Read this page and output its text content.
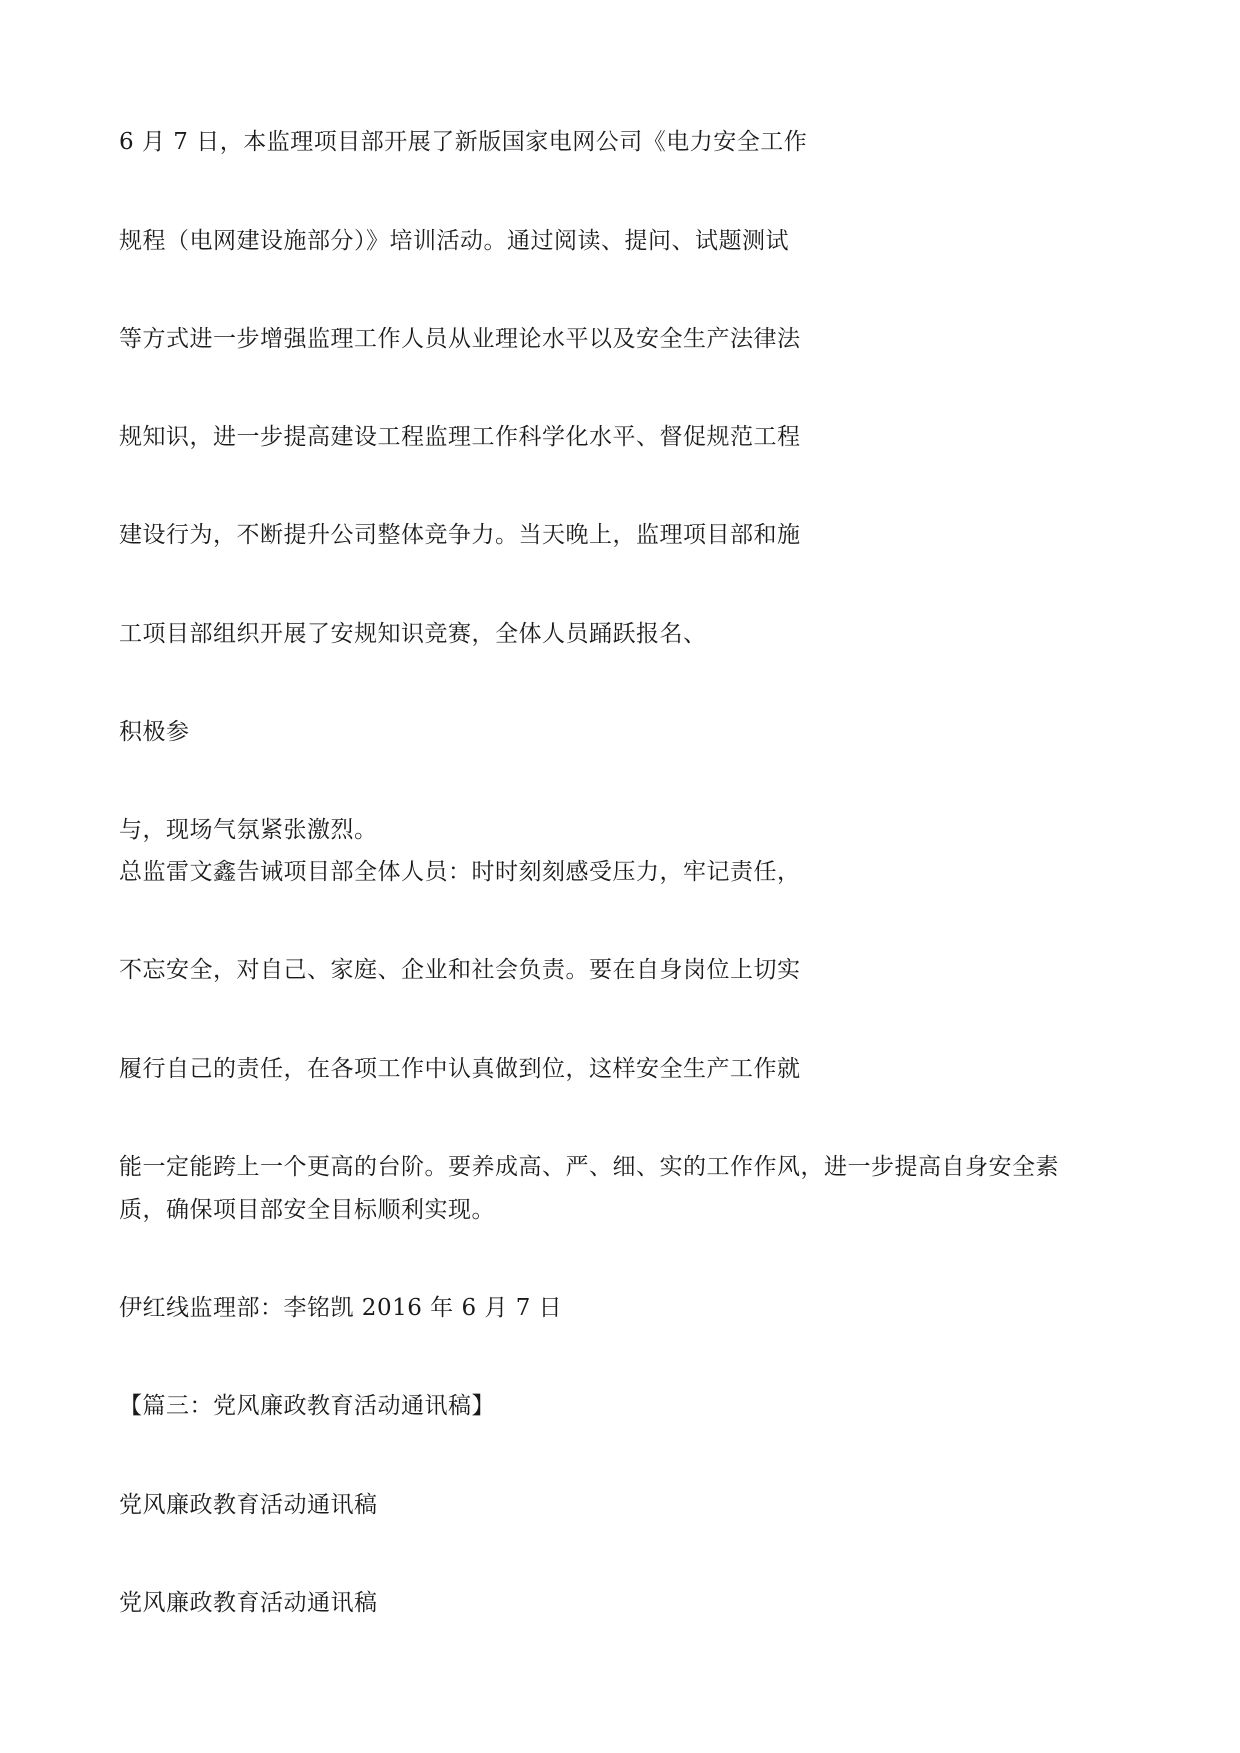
6 月 7 日，本监理项目部开展了新版国家电网公司《电力安全工作
规程（电网建设施部分）》培训活动。通过阅读、提问、试题测试
等方式进一步增强监理工作人员从业理论水平以及安全生产法律法
规知识，进一步提高建设工程监理工作科学化水平、督促规范工程
建设行为，不断提升公司整体竞争力。当天晚上，监理项目部和施
工项目部组织开展了安规知识竞赛，全体人员踊跃报名、
积极参
与，现场气氛紧张激烈。
总监雷文鑫告诫项目部全体人员：时时刻刻感受压力，牢记责任，
不忘安全，对自己、家庭、企业和社会负责。要在自身岗位上切实
履行自己的责任，在各项工作中认真做到位，这样安全生产工作就
能一定能跨上一个更高的台阶。要养成高、严、细、实的工作作风，进一步提高自身安全素
质，确保项目部安全目标顺利实现。
伊红线监理部：李铭凯 2016 年 6 月 7 日
【篇三：党风廉政教育活动通讯稿】
党风廉政教育活动通讯稿
党风廉政教育活动通讯稿
